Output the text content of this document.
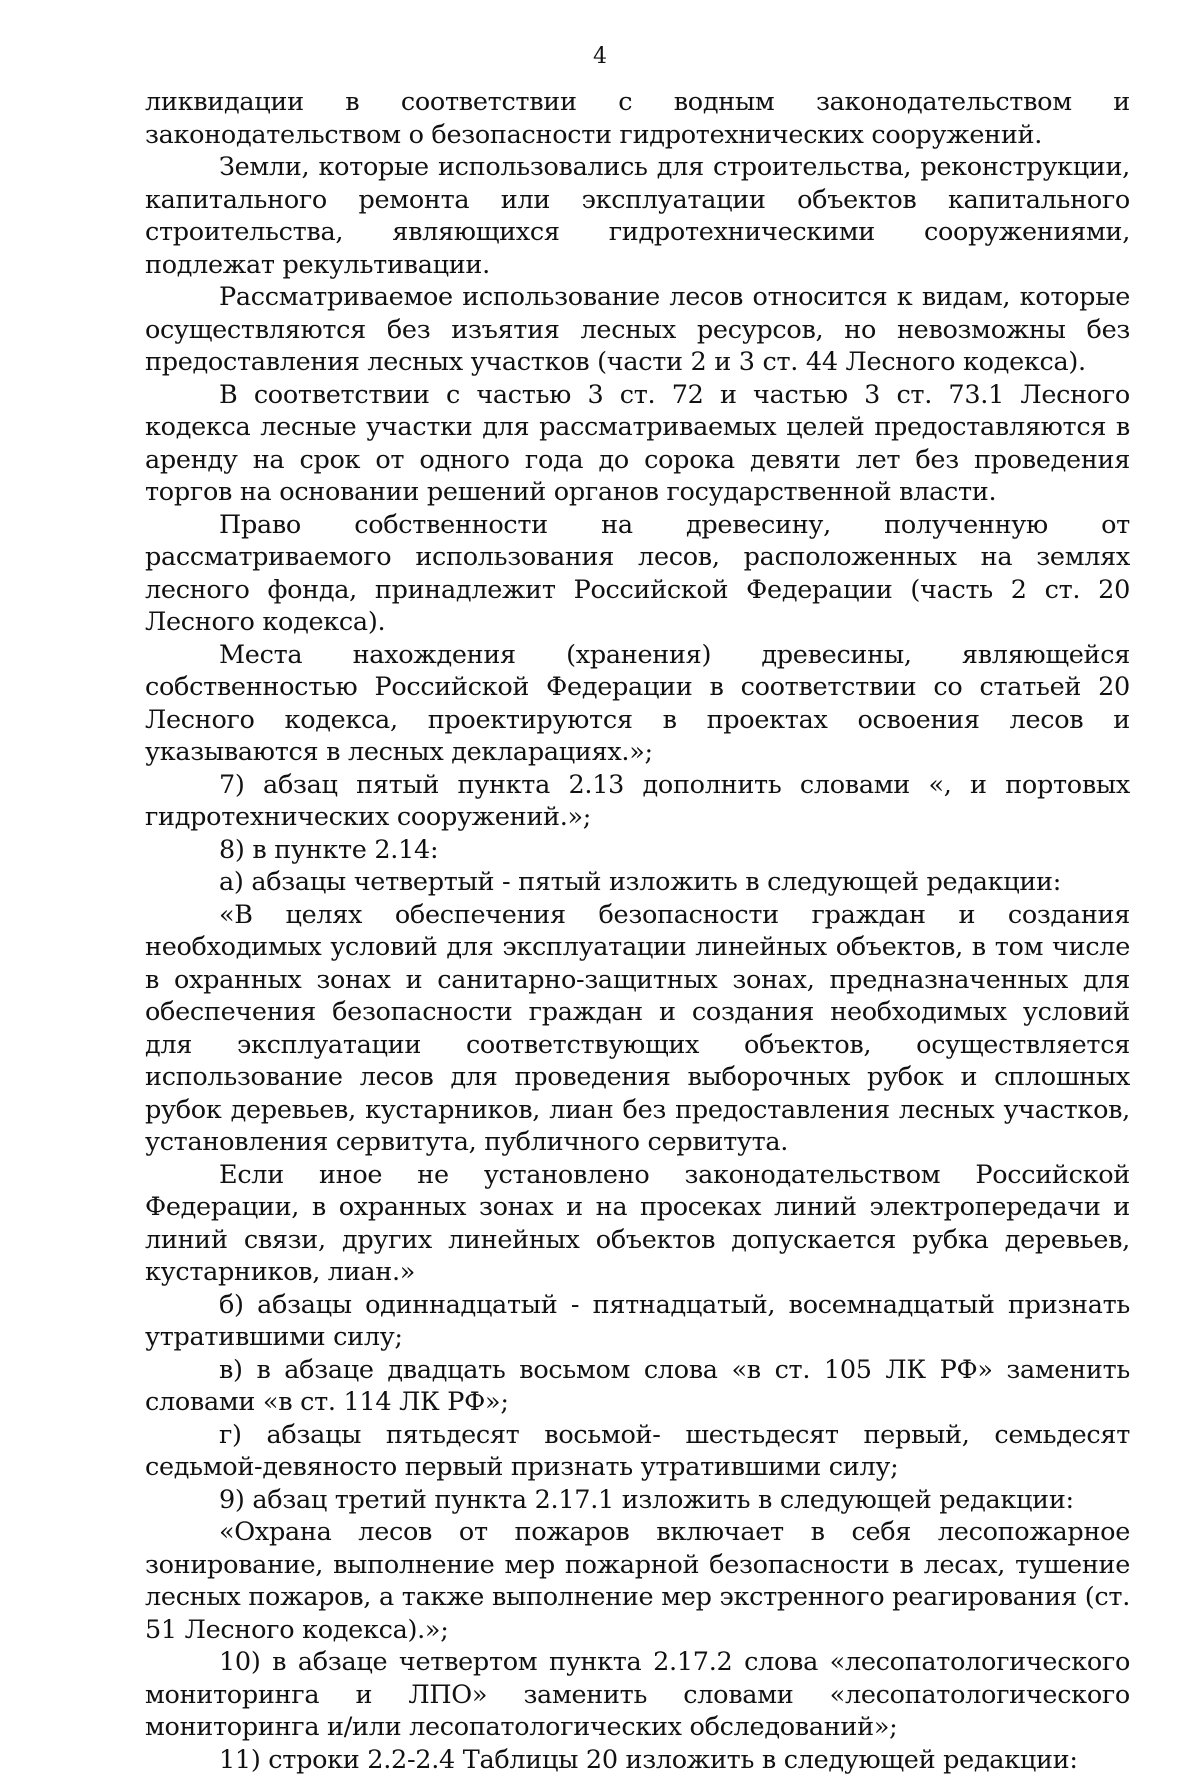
4

ликвидации в соответствии с водным законодательством и законодательством о безопасности гидротехнических сооружений.

Земли, которые использовались для строительства, реконструкции, капитального ремонта или эксплуатации объектов капитального строительства, являющихся гидротехническими сооружениями, подлежат рекультивации.

Рассматриваемое использование лесов относится к видам, которые осуществляются без изъятия лесных ресурсов, но невозможны без предоставления лесных участков (части 2 и 3 ст. 44 Лесного кодекса).

В соответствии с частью 3 ст. 72 и частью 3 ст. 73.1 Лесного кодекса лесные участки для рассматриваемых целей предоставляются в аренду на срок от одного года до сорока девяти лет без проведения торгов на основании решений органов государственной власти.

Право собственности на древесину, полученную от рассматриваемого использования лесов, расположенных на землях лесного фонда, принадлежит Российской Федерации (часть 2 ст. 20 Лесного кодекса).

Места нахождения (хранения) древесины, являющейся собственностью Российской Федерации в соответствии со статьей 20 Лесного кодекса, проектируются в проектах освоения лесов и указываются в лесных декларациях.»;

7) абзац пятый пункта 2.13 дополнить словами «, и портовых гидротехнических сооружений.»;

8) в пункте 2.14:

а) абзацы четвертый - пятый изложить в следующей редакции:

«В целях обеспечения безопасности граждан и создания необходимых условий для эксплуатации линейных объектов, в том числе в охранных зонах и санитарно-защитных зонах, предназначенных для обеспечения безопасности граждан и создания необходимых условий для эксплуатации соответствующих объектов, осуществляется использование лесов для проведения выборочных рубок и сплошных рубок деревьев, кустарников, лиан без предоставления лесных участков, установления сервитута, публичного сервитута.

Если иное не установлено законодательством Российской Федерации, в охранных зонах и на просеках линий электропередачи и линий связи, других линейных объектов допускается рубка деревьев, кустарников, лиан.»

б) абзацы одиннадцатый - пятнадцатый, восемнадцатый признать утратившими силу;

в) в абзаце двадцать восьмом слова «в ст. 105 ЛК РФ» заменить словами «в ст. 114 ЛК РФ»;

г) абзацы пятьдесят восьмой- шестьдесят первый, семьдесят седьмой-девяносто первый признать утратившими силу;

9) абзац третий пункта 2.17.1 изложить в следующей редакции:

«Охрана лесов от пожаров включает в себя лесопожарное зонирование, выполнение мер пожарной безопасности в лесах, тушение лесных пожаров, а также выполнение мер экстренного реагирования (ст. 51 Лесного кодекса).»;

10) в абзаце четвертом пункта 2.17.2 слова «лесопатологического мониторинга и ЛПО» заменить словами «лесопатологического мониторинга и/или лесопатологических обследований»;

11) строки 2.2-2.4 Таблицы 20 изложить в следующей редакции:
